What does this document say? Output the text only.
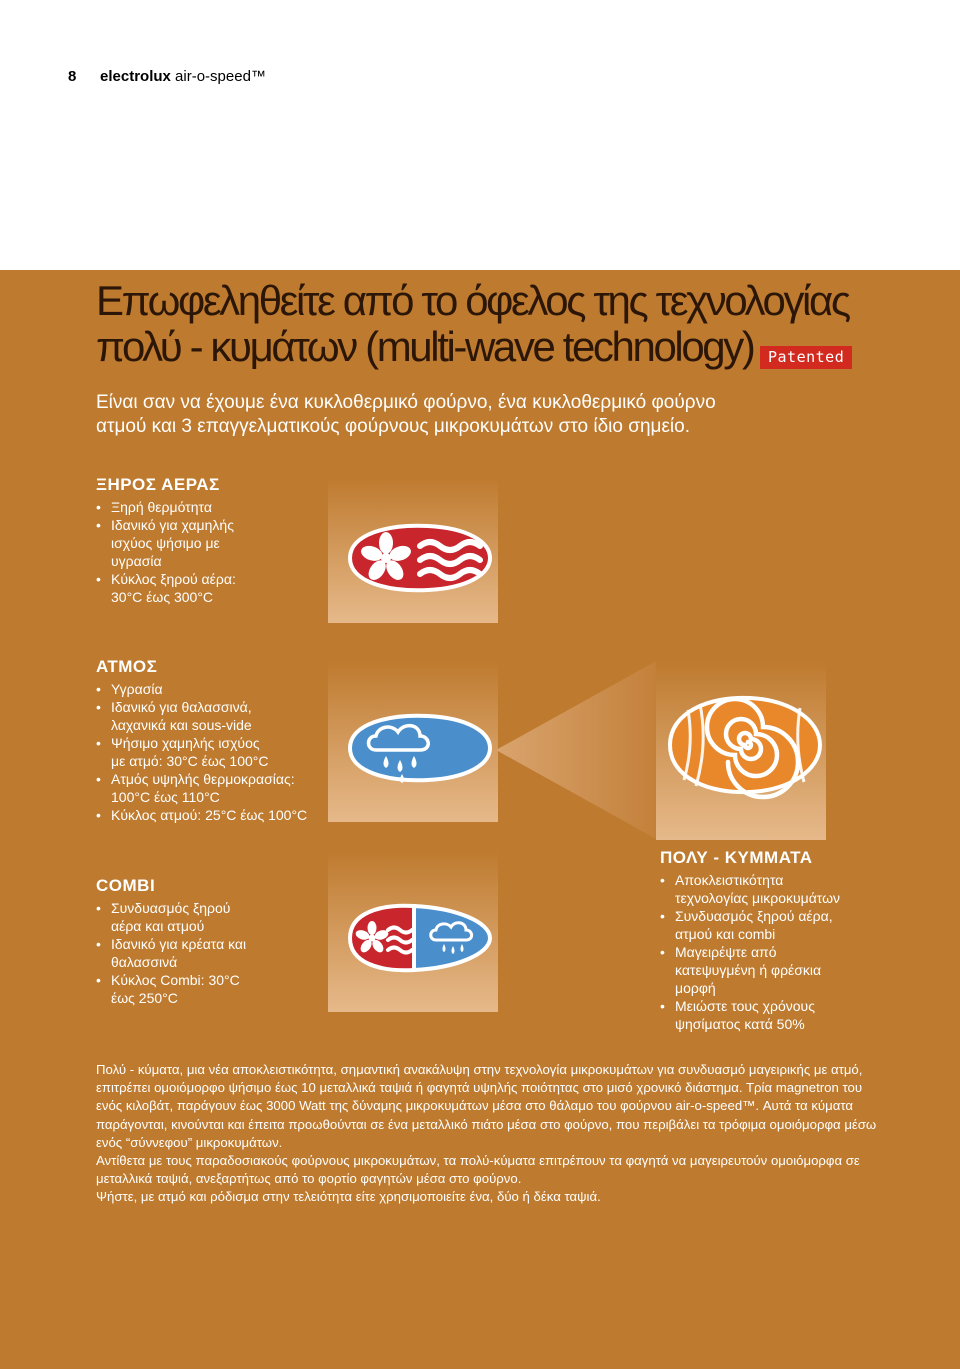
8 electrolux air-o-speed™
Επωφεληθείτε από το όφελος της τεχνολογίας
πολύ - κυμάτων (multi-wave technology) Patented
Είναι σαν να έχουμε ένα κυκλοθερμικό φούρνο, ένα κυκλοθερμικό φούρνο
ατμού και 3 επαγγελματικούς φούρνους μικροκυμάτων στο ίδιο σημείο.
ΞΗΡΟΣ ΑΕΡΑΣ
• Ξηρή θερμότητα
• Ιδανικό για χαμηλής
ισχύος ψήσιμο με
υγρασία
• Κύκλος ξηρού αέρα:
30°C έως 300°C
ΑΤΜΟΣ
• Υγρασία
• Ιδανικό για θαλασσινά,
λαχανικά και sous-vide
• Ψήσιμο χαμηλής ισχύος
με ατμό: 30°C έως 100°C
• Ατμός υψηλής θερμοκρασίας:
100°C έως 110°C
• Κύκλος ατμού: 25°C έως 100°C
COMBI
• Συνδυασμός ξηρού
αέρα και ατμού
• Ιδανικό για κρέατα και
θαλασσινά
• Κύκλος Combi: 30°C
έως 250°C
ΠΟΛΥ - ΚΥΜΜΑΤΑ
• Αποκλειστικότητα
τεχνολογίας μικροκυμάτων
• Συνδυασμός ξηρού αέρα,
ατμού και combi
• Μαγειρέψτε από
κατεψυγμένη ή φρέσκια
μορφή
• Μειώστε τους χρόνους
ψησίματος κατά 50%

Πολύ - κύματα, μια νέα αποκλειστικότητα, σημαντική ανακάλυψη στην τεχνολογία μικροκυμάτων για συνδυασμό μαγειρικής με ατμό, επιτρέπει ομοιόμορφο ψήσιμο έως 10 μεταλλικά ταψιά ή φαγητά υψηλής ποιότητας στο μισό χρονικό διάστημα. Τρία magnetron του ενός κιλοβάτ, παράγουν έως 3000 Watt της δύναμης μικροκυμάτων μέσα στο θάλαμο του φούρνου air-o-speed™. Αυτά τα κύματα παράγονται, κινούνται και έπειτα προωθούνται σε ένα μεταλλικό πιάτο μέσα στο φούρνο, που περιβάλει τα τρόφιμα ομοιόμορφα μέσω ενός “σύννεφου” μικροκυμάτων.

Αντίθετα με τους παραδοσιακούς φούρνους μικροκυμάτων, τα πολύ-κύματα επιτρέπουν τα φαγητά να μαγειρευτούν ομοιόμορφα σε μεταλλικά ταψιά, ανεξαρτήτως από το φορτίο φαγητών μέσα στο φούρνο.

Ψήστε, με ατμό και ρόδισμα στην τελειότητα είτε χρησιμοποιείτε ένα, δύο ή δέκα ταψιά.
